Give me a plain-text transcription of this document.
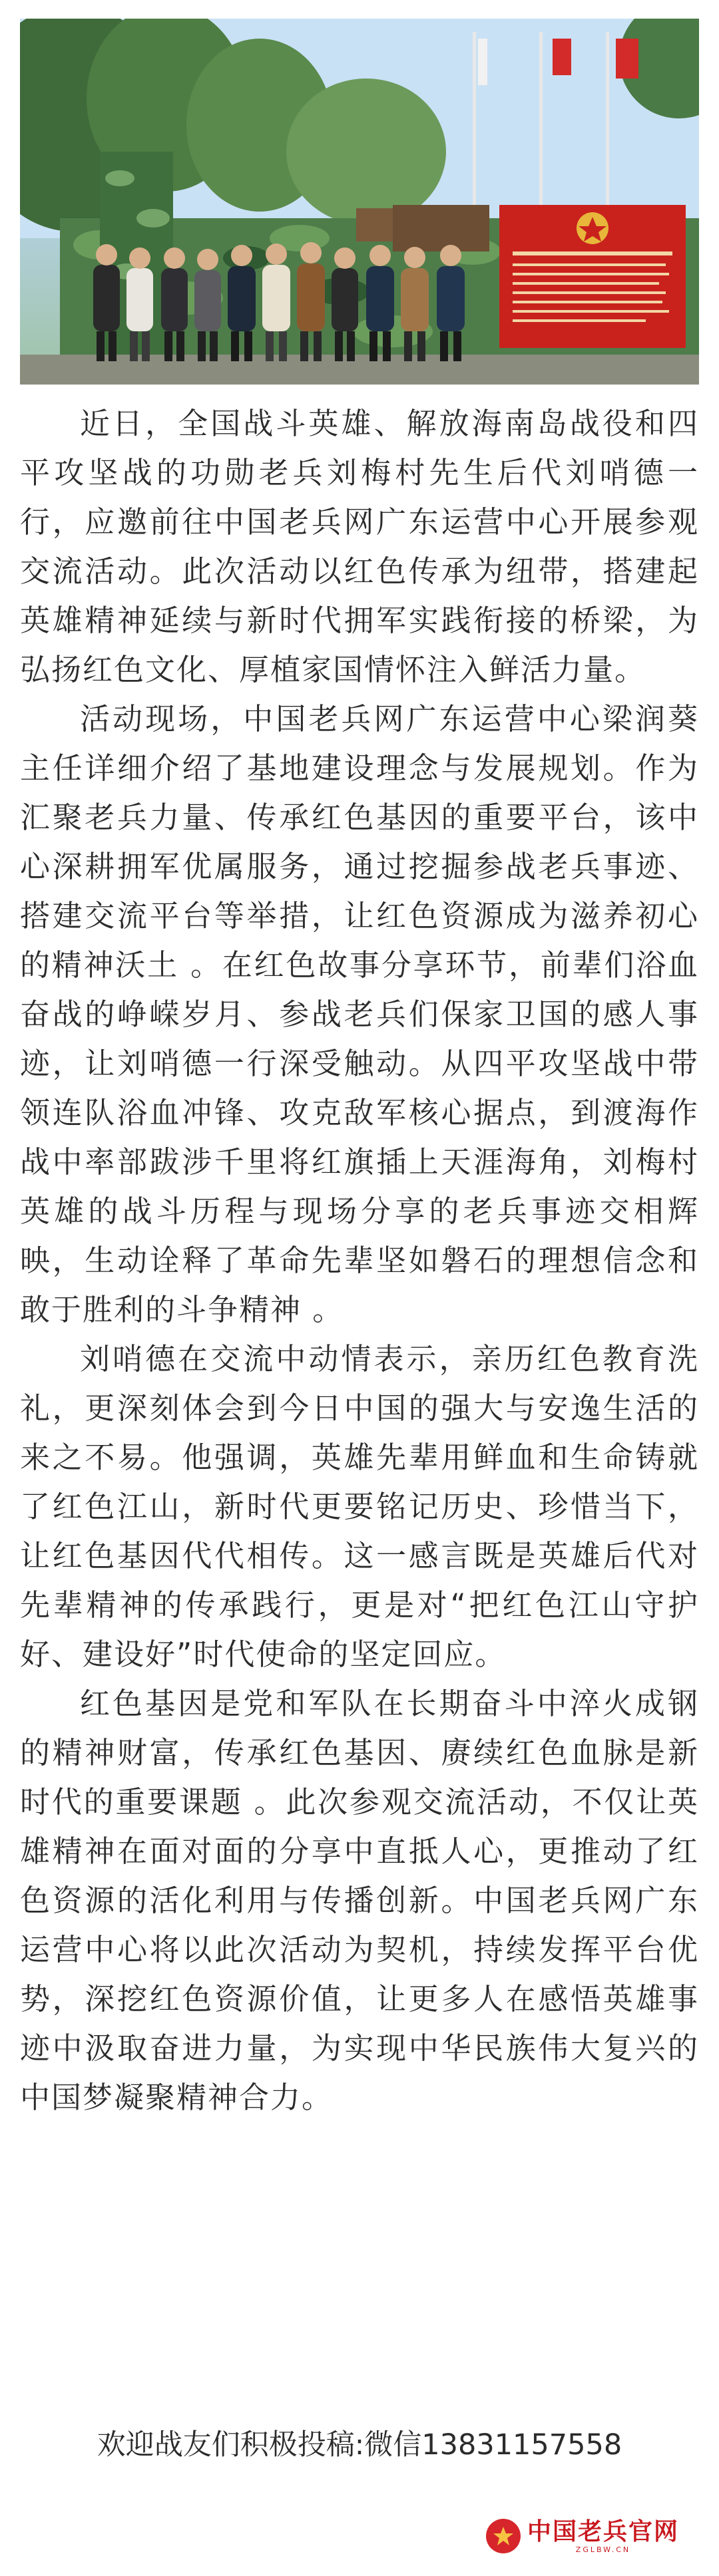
近日，全国战斗英雄、解放海南岛战役和四平攻坚战的功勋老兵刘梅村先生后代刘哨德一行，应邀前往中国老兵网广东运营中心开展参观交流活动。此次活动以红色传承为纽带，搭建起英雄精神延续与新时代拥军实践衔接的桥梁，为弘扬红色文化、厚植家国情怀注入鲜活力量。

活动现场，中国老兵网广东运营中心梁润葵主任详细介绍了基地建设理念与发展规划。作为汇聚老兵力量、传承红色基因的重要平台，该中心深耕拥军优属服务，通过挖掘参战老兵事迹、搭建交流平台等举措，让红色资源成为滋养初心的精神沃土 。在红色故事分享环节，前辈们浴血奋战的峥嵘岁月、参战老兵们保家卫国的感人事迹，让刘哨德一行深受触动。从四平攻坚战中带领连队浴血冲锋、攻克敌军核心据点，到渡海作战中率部跋涉千里将红旗插上天涯海角，刘梅村英雄的战斗历程与现场分享的老兵事迹交相辉映，生动诠释了革命先辈坚如磐石的理想信念和敢于胜利的斗争精神 。

刘哨德在交流中动情表示，亲历红色教育洗礼，更深刻体会到今日中国的强大与安逸生活的来之不易。他强调，英雄先辈用鲜血和生命铸就了红色江山，新时代更要铭记历史、珍惜当下，让红色基因代代相传。这一感言既是英雄后代对先辈精神的传承践行，更是对“把红色江山守护好、建设好”时代使命的坚定回应。

红色基因是党和军队在长期奋斗中淬火成钢的精神财富，传承红色基因、赓续红色血脉是新时代的重要课题 。此次参观交流活动，不仅让英雄精神在面对面的分享中直抵人心，更推动了红色资源的活化利用与传播创新。中国老兵网广东运营中心将以此次活动为契机，持续发挥平台优势，深挖红色资源价值，让更多人在感悟英雄事迹中汲取奋进力量，为实现中华民族伟大复兴的中国梦凝聚精神合力。

欢迎战友们积极投稿:微信13831157558
中国老兵官网
ZGLBW.CN
